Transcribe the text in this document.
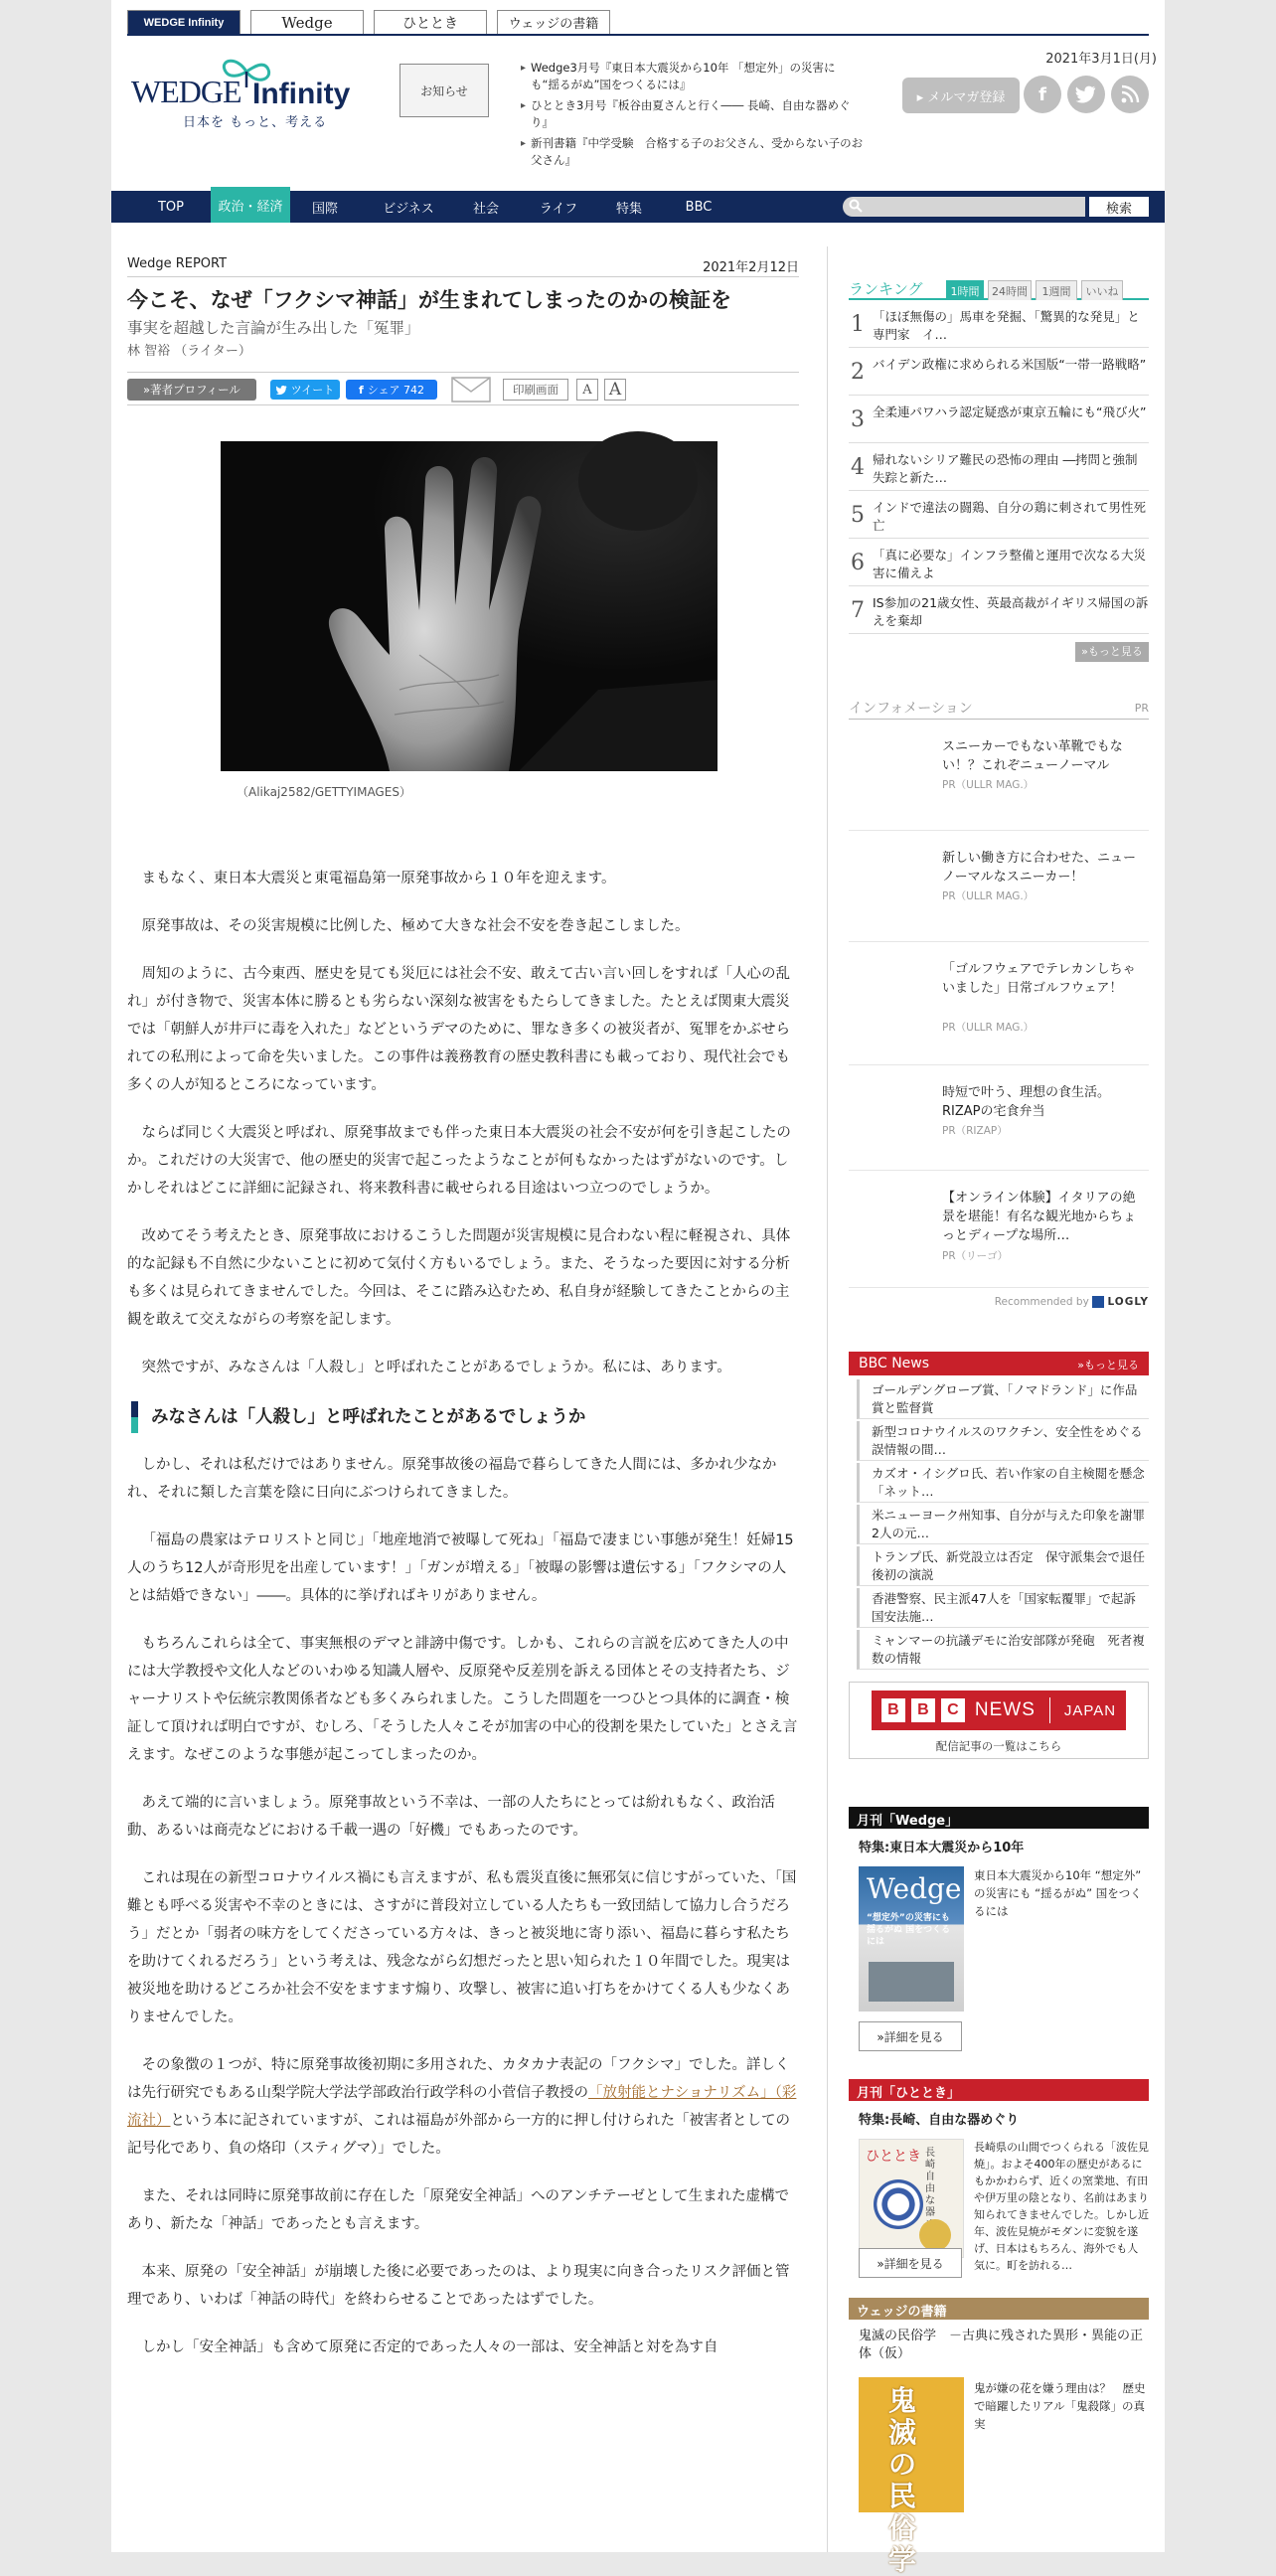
WEDGE Infinity	Wedge	ひととき	ウェッジの書籍
WEDGE Infinity
日本を もっと、考える
お知らせ
▸ Wedge3月号『東日本大震災から10年 「想定外」の災害にも“揺るがぬ”国をつくるには』
▸ ひととき3月号『板谷由夏さんと行く―― 長崎、自由な器めぐり』
▸ 新刊書籍『中学受験　合格する子のお父さん、受からない子のお父さん』
2021年3月1日(月)
▸ メルマガ登録	f
TOP	政治・経済	国際	ビジネス	社会	ライフ	特集	BBC	検索
Wedge REPORT	2021年2月12日
今こそ、なぜ「フクシマ神話」が生まれてしまったのかの検証を
事実を超越した言論が生み出した「冤罪」
林 智裕 （ライター）
»著者プロフィール	ツイート f シェア 742	印刷画面	A	A
（Alikaj2582/GETTYIMAGES）

まもなく、東日本大震災と東電福島第一原発事故から１０年を迎えます。

原発事故は、その災害規模に比例した、極めて大きな社会不安を巻き起こしました。

周知のように、古今東西、歴史を見ても災厄には社会不安、敢えて古い言い回しをすれば「人心の乱れ」が付き物で、災害本体に勝るとも劣らない深刻な被害をもたらしてきました。たとえば関東大震災では「朝鮮人が井戸に毒を入れた」などというデマのために、罪なき多くの被災者が、冤罪をかぶせられての私刑によって命を失いました。この事件は義務教育の歴史教科書にも載っており、現代社会でも多くの人が知るところになっています。

ならば同じく大震災と呼ばれ、原発事故までも伴った東日本大震災の社会不安が何を引き起こしたのか。これだけの大災害で、他の歴史的災害で起こったようなことが何もなかったはずがないのです。しかしそれはどこに詳細に記録され、将来教科書に載せられる目途はいつ立つのでしょうか。

改めてそう考えたとき、原発事故におけるこうした問題が災害規模に見合わない程に軽視され、具体的な記録も不自然に少ないことに初めて気付く方もいるでしょう。また、そうなった要因に対する分析も多くは見られてきませんでした。今回は、そこに踏み込むため、私自身が経験してきたことからの主観を敢えて交えながらの考察を記します。

突然ですが、みなさんは「人殺し」と呼ばれたことがあるでしょうか。私には、あります。

みなさんは「人殺し」と呼ばれたことがあるでしょうか

しかし、それは私だけではありません。原発事故後の福島で暮らしてきた人間には、多かれ少なかれ、それに類した言葉を陰に日向にぶつけられてきました。

「福島の農家はテロリストと同じ」「地産地消で被曝して死ね」「福島で凄まじい事態が発生！妊婦15人のうち12人が奇形児を出産しています！」「ガンが増える」「被曝の影響は遺伝する」「フクシマの人とは結婚できない」――。具体的に挙げればキリがありません。

もちろんこれらは全て、事実無根のデマと誹謗中傷です。しかも、これらの言説を広めてきた人の中には大学教授や文化人などのいわゆる知識人層や、反原発や反差別を訴える団体とその支持者たち、ジャーナリストや伝統宗教関係者なども多くみられました。こうした問題を一つひとつ具体的に調査・検証して頂ければ明白ですが、むしろ、「そうした人々こそが加害の中心的役割を果たしていた」とさえ言えます。なぜこのような事態が起こってしまったのか。

あえて端的に言いましょう。原発事故という不幸は、一部の人たちにとっては紛れもなく、政治活動、あるいは商売などにおける千載一遇の「好機」でもあったのです。

これは現在の新型コロナウイルス禍にも言えますが、私も震災直後に無邪気に信じすがっていた、「国難とも呼べる災害や不幸のときには、さすがに普段対立している人たちも一致団結して協力し合うだろう」だとか「弱者の味方をしてくださっている方々は、きっと被災地に寄り添い、福島に暮らす私たちを助けてくれるだろう」という考えは、残念ながら幻想だったと思い知られた１０年間でした。現実は被災地を助けるどころか社会不安をますます煽り、攻撃し、被害に追い打ちをかけてくる人も少なくありませんでした。

その象徴の１つが、特に原発事故後初期に多用された、カタカナ表記の「フクシマ」でした。詳しくは先行研究でもある山梨学院大学法学部政治行政学科の小菅信子教授の「放射能とナショナリズム」（彩流社）という本に記されていますが、これは福島が外部から一方的に押し付けられた「被害者としての記号化であり、負の烙印（スティグマ）」でした。

また、それは同時に原発事故前に存在した「原発安全神話」へのアンチテーゼとして生まれた虚構であり、新たな「神話」であったとも言えます。

本来、原発の「安全神話」が崩壊した後に必要であったのは、より現実に向き合ったリスク評価と管理であり、いわば「神話の時代」を終わらせることであったはずでした。

しかし「安全神話」も含めて原発に否定的であった人々の一部は、安全神話と対を為す自

ランキング	1時間	24時間	1週間	いいね
1 「ほぼ無傷の」馬車を発掘、「驚異的な発見」と専門家　イ…
2 バイデン政権に求められる米国版“一帯一路戦略”
3 全柔連パワハラ認定疑惑が東京五輪にも“飛び火”
4 帰れないシリア難民の恐怖の理由 ―拷問と強制失踪と新た…
5 インドで違法の闘鶏、自分の鶏に刺されて男性死亡
6 「真に必要な」インフラ整備と運用で次なる大災害に備えよ
7 IS参加の21歳女性、英最高裁がイギリス帰国の訴えを棄却
»もっと見る
インフォメーション	PR
スニーカーでもない革靴でもない！？これぞニューノーマル
PR（ULLR MAG.）
新しい働き方に合わせた、ニューノーマルなスニーカー！
PR（ULLR MAG.）
「ゴルフウェアでテレカンしちゃいました」日常ゴルフウェア！
PR（ULLR MAG.）
時短で叶う、理想の食生活。RIZAPの宅食弁当
PR（RIZAP）
【オンライン体験】イタリアの絶景を堪能！有名な観光地からちょっとディープな場所…
PR（リーゴ）
Recommended by LOGLY
BBC News	»もっと見る
ゴールデングローブ賞、「ノマドランド」に作品賞と監督賞
新型コロナウイルスのワクチン、安全性をめぐる誤情報の間…
カズオ・イシグロ氏、若い作家の自主検閲を懸念　「ネット…
米ニューヨーク州知事、自分が与えた印象を謝罪　2人の元…
トランプ氏、新党設立は否定　保守派集会で退任後初の演説
香港警察、民主派47人を「国家転覆罪」で起訴　国安法施…
ミャンマーの抗議デモに治安部隊が発砲　死者複数の情報
B	B	C NEWS JAPAN
配信記事の一覧はこちら
月刊「Wedge」
特集:東日本大震災から10年
Wedge
“想定外”の災害にも 揺るがぬ 国をつくるには
東日本大震災から10年 “想定外” の災害にも “揺るがぬ” 国をつくるには
»詳細を見る
月刊「ひととき」
特集:長崎、自由な器めぐり
ひととき 長崎 自由な器
長崎県の山間でつくられる「波佐見焼」。およそ400年の歴史があるにもかかわらず、近くの窯業地、有田や伊万里の陰となり、名前はあまり知られてきませんでした。しかし近年、波佐見焼がモダンに変貌を遂げ、日本はもちろん、海外でも人気に。町を訪れる…
»詳細を見る
ウェッジの書籍
鬼滅の民俗学　－古典に残された異形・異能の正体（仮）
鬼滅の民俗学
鬼が嫌の花を嫌う理由は？　歴史で暗躍したリアル「鬼殺隊」の真実
